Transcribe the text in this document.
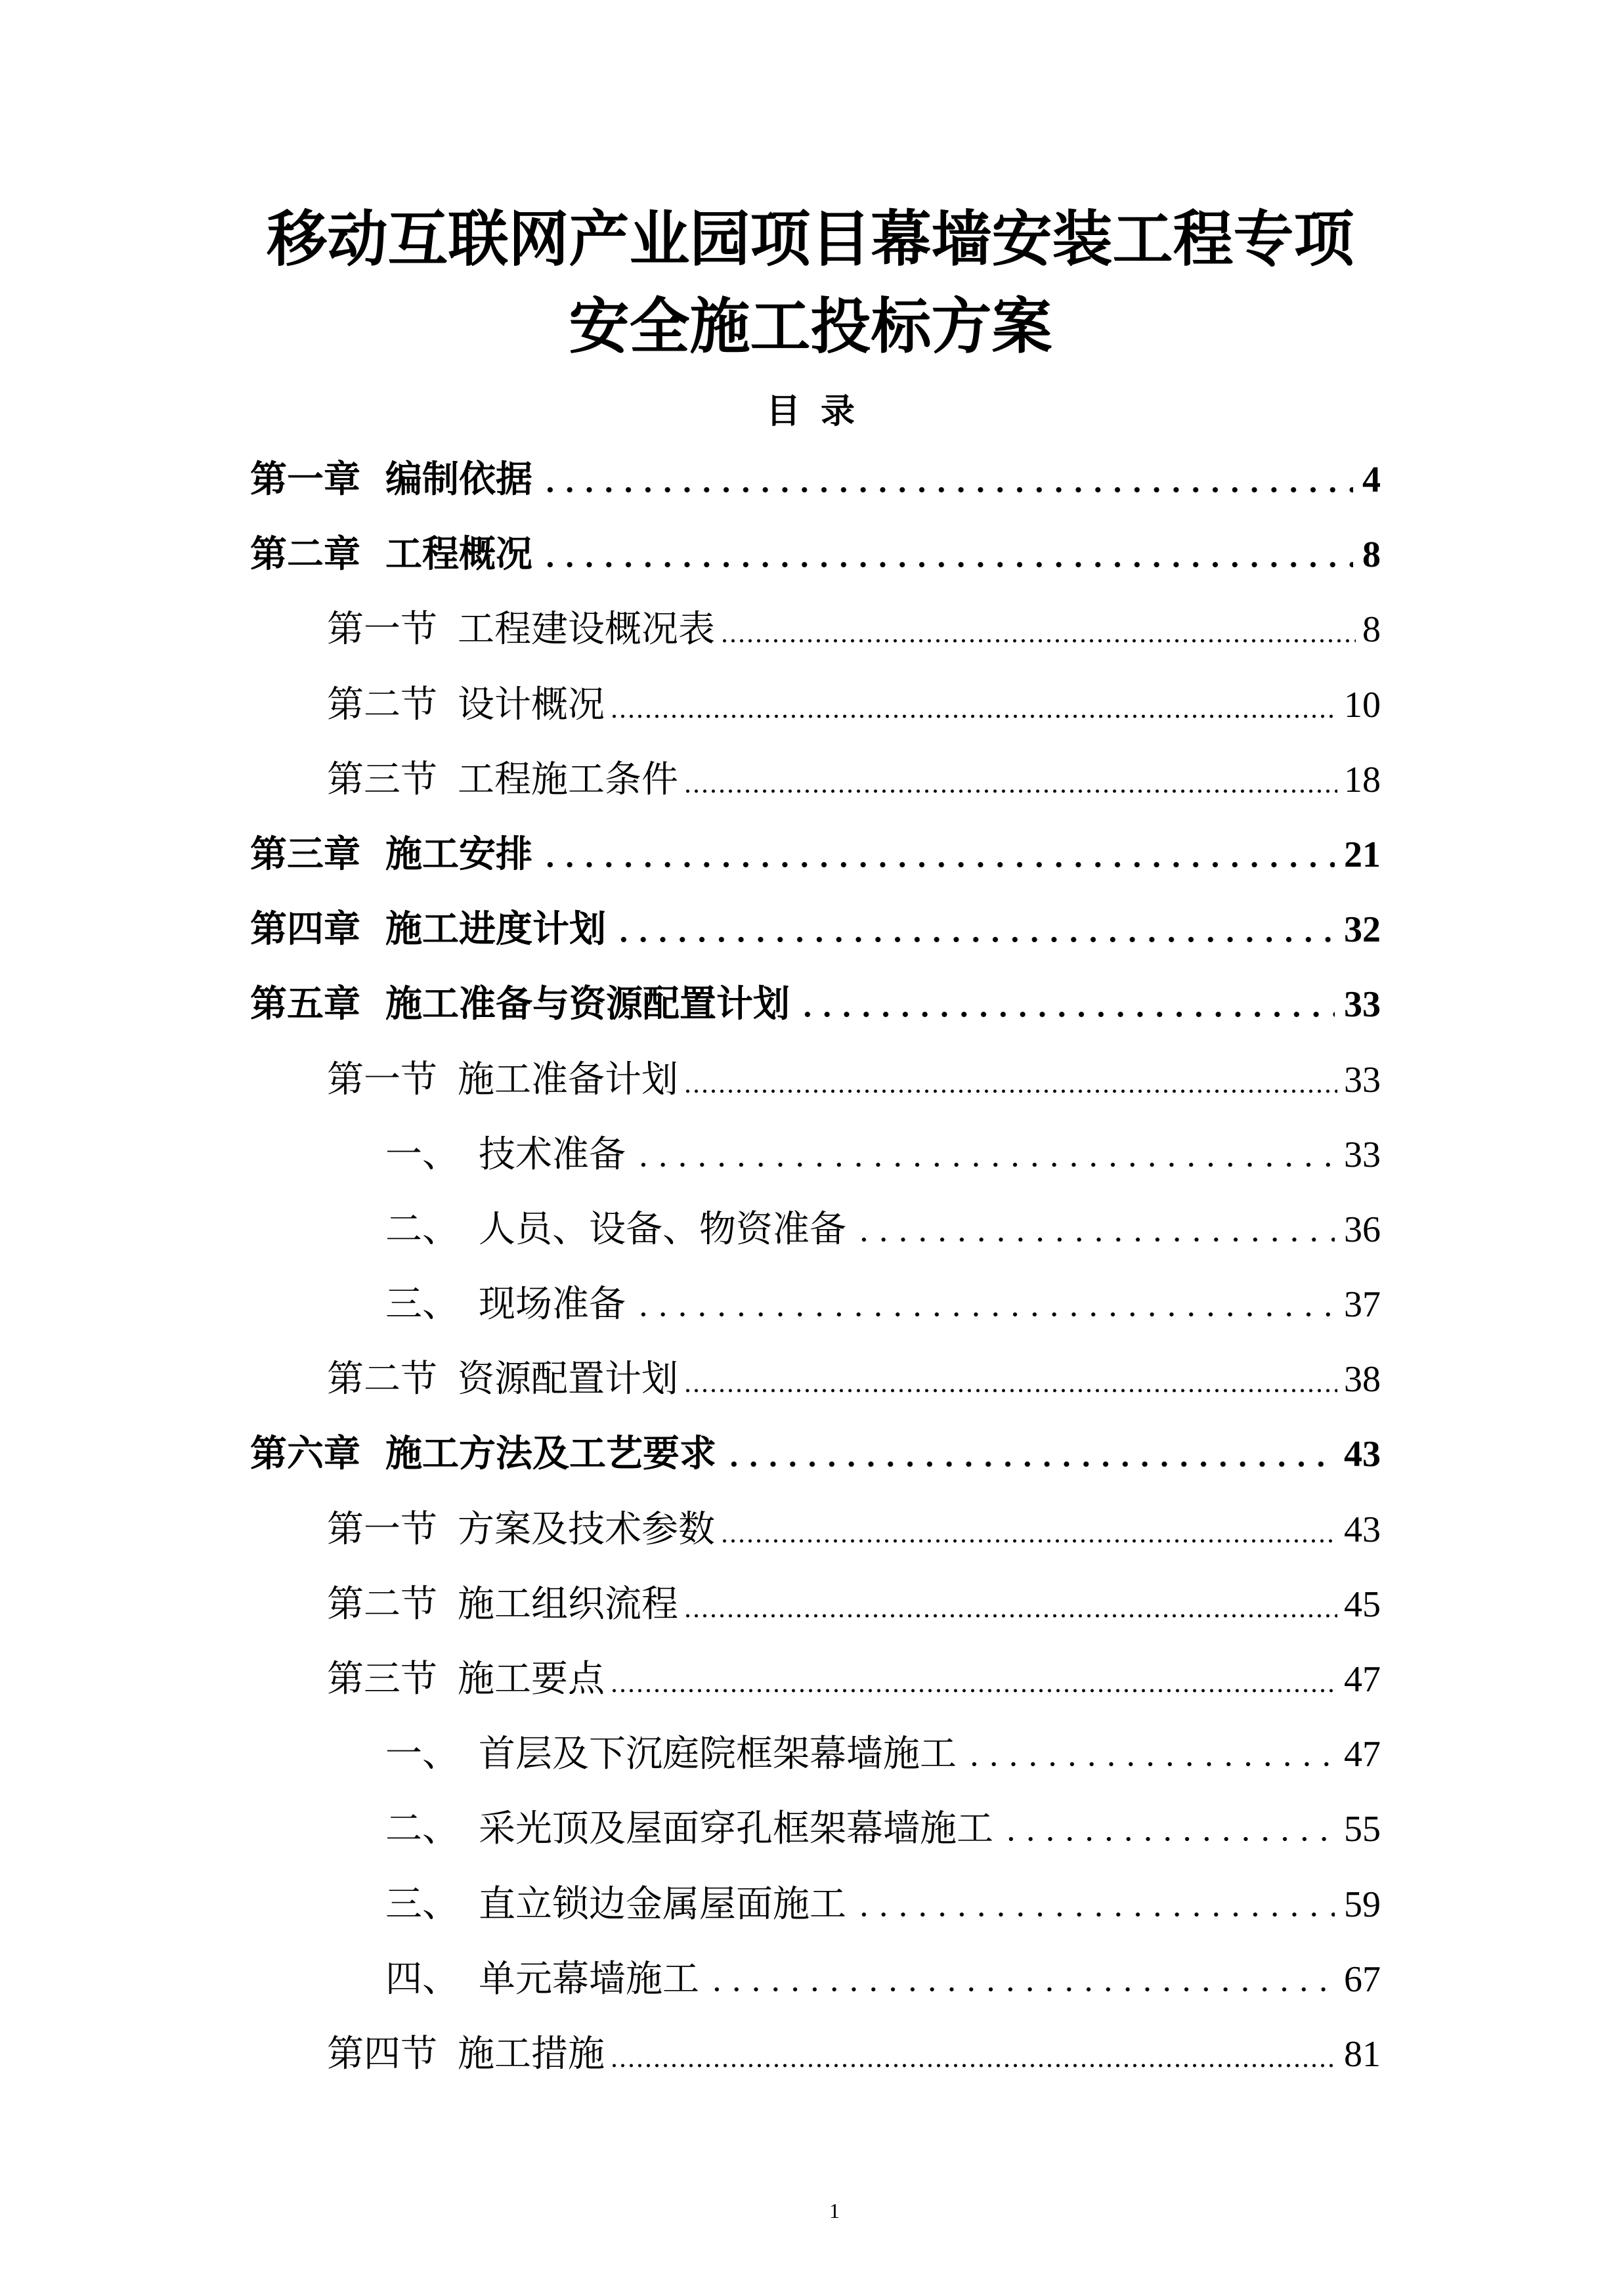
移动互联网产业园项目幕墙安装工程专项
安全施工投标方案
目 录
第一章 编制依据	4
第二章 工程概况	8
第一节 工程建设概况表	8
第二节 设计概况	10
第三节 工程施工条件	18
第三章 施工安排	21
第四章 施工进度计划	32
第五章 施工准备与资源配置计划	33
第一节 施工准备计划	33
一、 技术准备	33
二、 人员、设备、物资准备	36
三、 现场准备	37
第二节 资源配置计划	38
第六章 施工方法及工艺要求	43
第一节 方案及技术参数	43
第二节 施工组织流程	45
第三节 施工要点	47
一、 首层及下沉庭院框架幕墙施工	47
二、 采光顶及屋面穿孔框架幕墙施工	55
三、 直立锁边金属屋面施工	59
四、 单元幕墙施工	67
第四节 施工措施	81
1
